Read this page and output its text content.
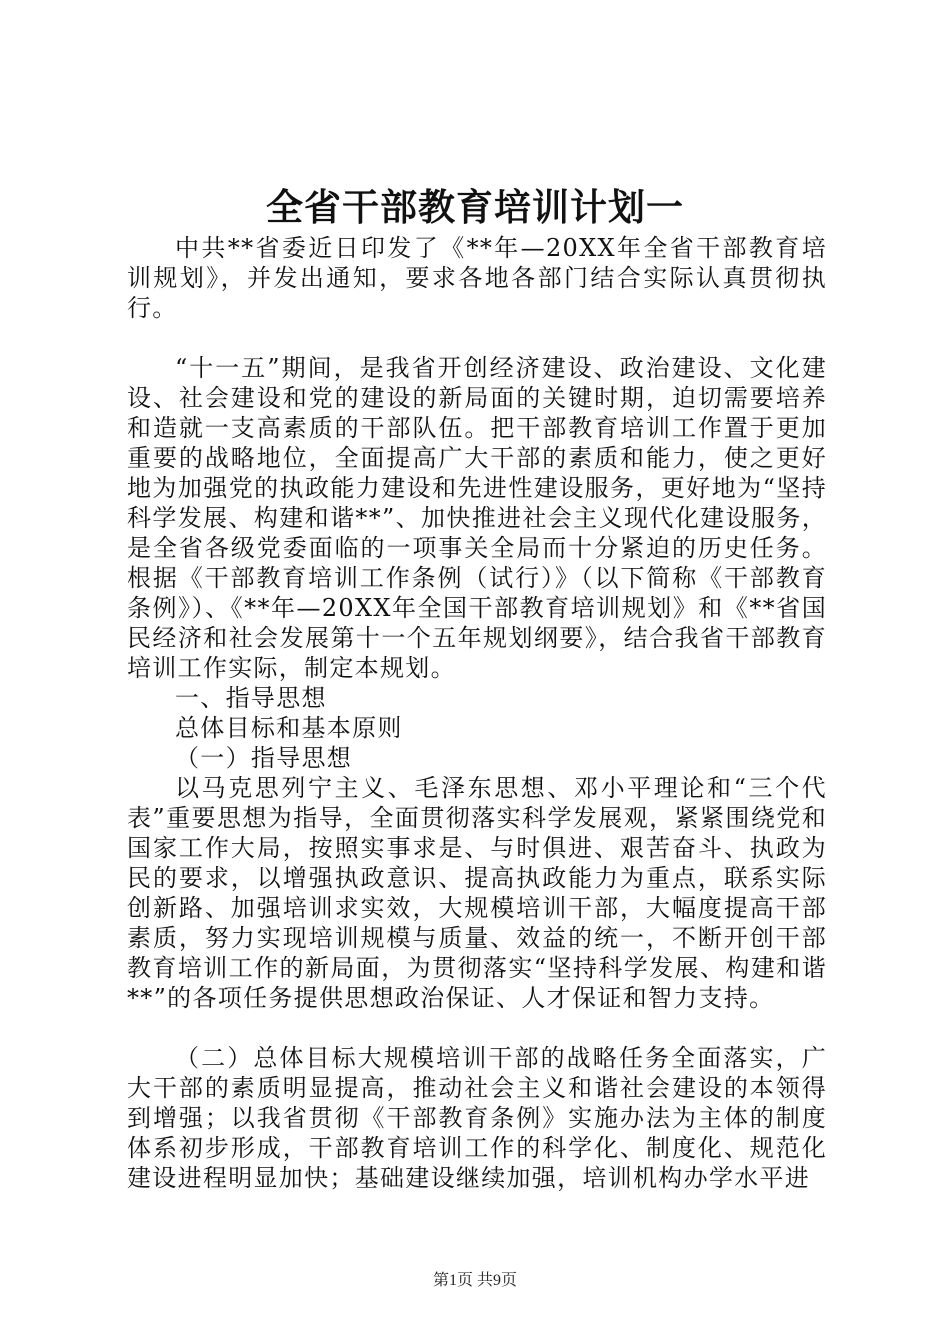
全省干部教育培训计划一

中共**省委近日印发了《**年—20XX年全省干部教育培训规划》，并发出通知，要求各地各部门结合实际认真贯彻执行。

“十一五”期间，是我省开创经济建设、政治建设、文化建设、社会建设和党的建设的新局面的关键时期，迫切需要培养和造就一支高素质的干部队伍。把干部教育培训工作置于更加重要的战略地位，全面提高广大干部的素质和能力，使之更好地为加强党的执政能力建设和先进性建设服务，更好地为“坚持科学发展、构建和谐**”、加快推进社会主义现代化建设服务，是全省各级党委面临的一项事关全局而十分紧迫的历史任务。根据《干部教育培训工作条例（试行）》（以下简称《干部教育条例》）、《**年—20XX年全国干部教育培训规划》和《**省国民经济和社会发展第十一个五年规划纲要》，结合我省干部教育培训工作实际，制定本规划。

一、指导思想

总体目标和基本原则

（一）指导思想

以马克思列宁主义、毛泽东思想、邓小平理论和“三个代表”重要思想为指导，全面贯彻落实科学发展观，紧紧围绕党和国家工作大局，按照实事求是、与时俱进、艰苦奋斗、执政为民的要求，以增强执政意识、提高执政能力为重点，联系实际创新路、加强培训求实效，大规模培训干部，大幅度提高干部素质，努力实现培训规模与质量、效益的统一，不断开创干部教育培训工作的新局面，为贯彻落实“坚持科学发展、构建和谐**”的各项任务提供思想政治保证、人才保证和智力支持。

（二）总体目标大规模培训干部的战略任务全面落实，广大干部的素质明显提高，推动社会主义和谐社会建设的本领得到增强；以我省贯彻《干部教育条例》实施办法为主体的制度体系初步形成，干部教育培训工作的科学化、制度化、规范化建设进程明显加快；基础建设继续加强，培训机构办学水平进

第1页 共9页
